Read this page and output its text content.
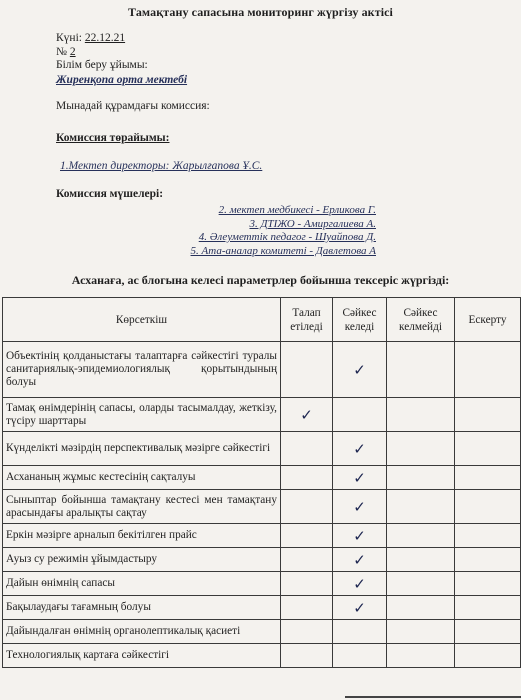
Тамақтану сапасына мониторинг жүргізу актісі
Күні: 22.12.21
№ 2
Білім беру ұйымы:
Жиренқопа орта мектебі
Мынадай құрамдағы комиссия:
Комиссия төрайымы:
1.Мектеп директоры: Жарылғапова Ұ.С.
Комиссия мүшелері:
2. мектеп медбикесі - Ерликова Г.
3. ДТІЖО - Амиргалиева А.
4. Әлеуметтік педагог - Шуайпова Д.
5. Ата-аналар комитеті - Давлетова А
Асханаға, ас блогына келесі параметрлер бойынша тексеріс жүргізді:
Көрсеткіш	Талап етіледі	Сәйкес келеді	Сәйкес келмейді	Ескерту
Объектінің қолданыстағы талаптарға сәйкестігі туралы санитариялық-эпидемиологиялық қорытындының болуы		✓		
Тамақ өнімдерінің сапасы, оларды тасымалдау, жеткізу, түсіру шарттары	✓			
Күнделікті мәзірдің перспективалық мәзірге сәйкестігі		✓		
Асхананың жұмыс кестесінің сақталуы		✓		
Сыныптар бойынша тамақтану кестесі мен тамақтану арасындағы аралықты сақтау		✓		
Еркін мәзірге арналып бекітілген прайс		✓		
Ауыз су режимін ұйымдастыру		✓		
Дайын өнімнің сапасы		✓		
Бақылаудағы тағамның болуы		✓		
Дайындалған өнімнің органолептикалық қасиеті				
Технологиялық картаға сәйкестігі				
